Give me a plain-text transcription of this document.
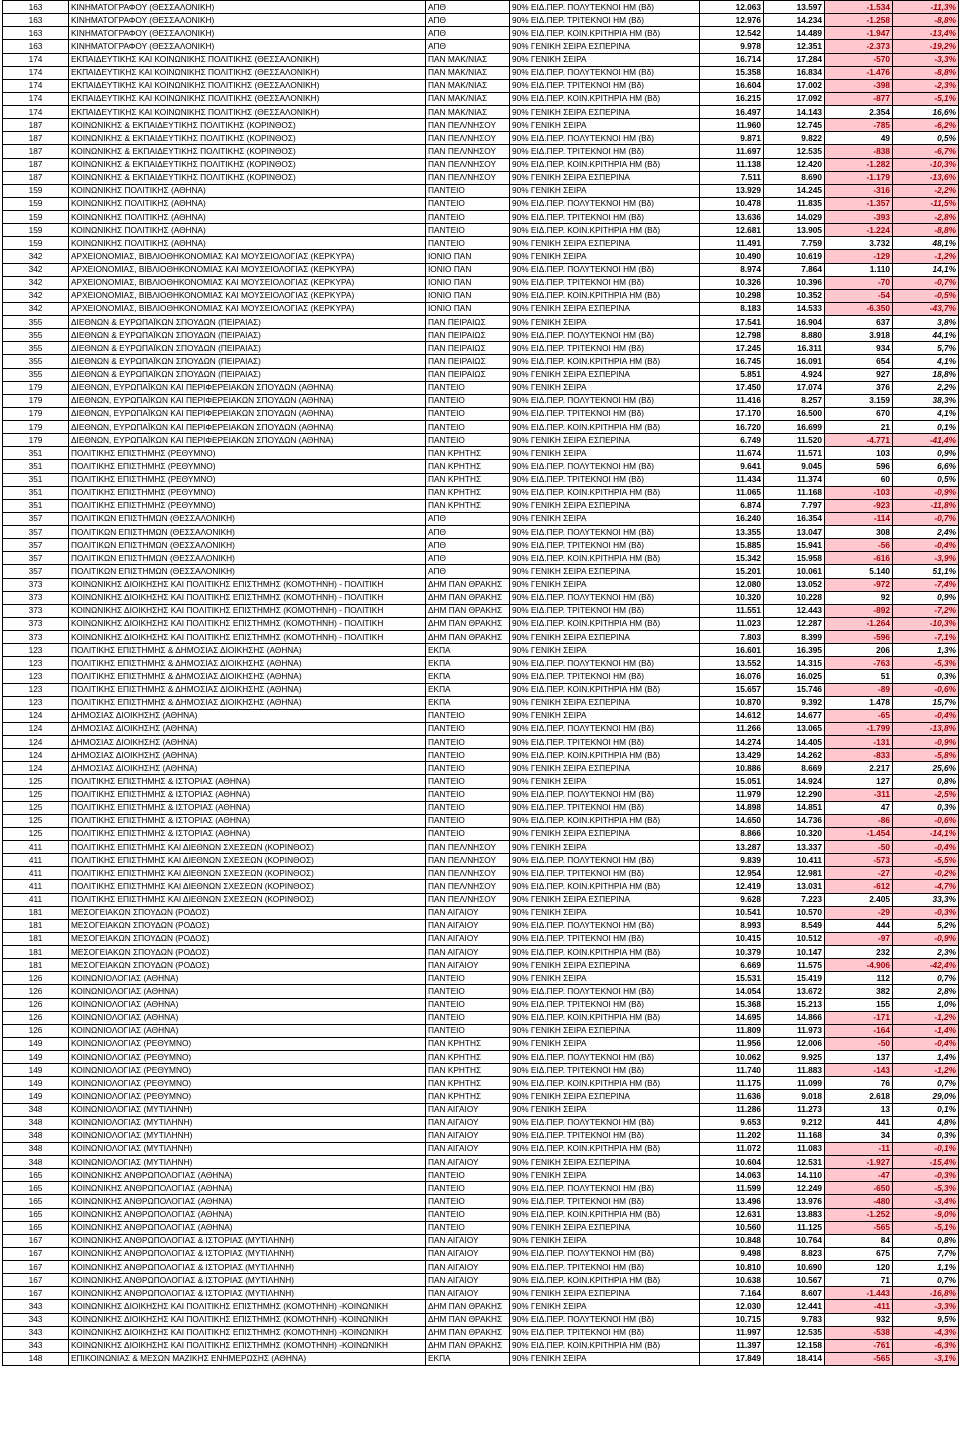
163	ΚΙΝΗΜΑΤΟΓΡΑΦΟΥ (ΘΕΣΣΑΛΟΝΙΚΗ)	ΑΠΘ	90% ΕΙΔ.ΠΕΡ. ΠΟΛΥΤΕΚΝΟΙ ΗΜ (Βδ)	12.063	13.597	-1.534	-11,3%
163	ΚΙΝΗΜΑΤΟΓΡΑΦΟΥ (ΘΕΣΣΑΛΟΝΙΚΗ)	ΑΠΘ	90% ΕΙΔ.ΠΕΡ. ΤΡΙΤΕΚΝΟΙ ΗΜ (Βδ)	12.976	14.234	-1.258	-8,8%
163	ΚΙΝΗΜΑΤΟΓΡΑΦΟΥ (ΘΕΣΣΑΛΟΝΙΚΗ)	ΑΠΘ	90% ΕΙΔ.ΠΕΡ. ΚΟΙΝ.ΚΡΙΤΗΡΙΑ ΗΜ (Βδ)	12.542	14.489	-1.947	-13,4%
163	ΚΙΝΗΜΑΤΟΓΡΑΦΟΥ (ΘΕΣΣΑΛΟΝΙΚΗ)	ΑΠΘ	90% ΓΕΝΙΚΗ ΣΕΙΡΑ ΕΣΠΕΡΙΝΑ	9.978	12.351	-2.373	-19,2%
174	ΕΚΠΑΙΔΕΥΤΙΚΗΣ ΚΑΙ ΚΟΙΝΩΝΙΚΗΣ ΠΟΛΙΤΙΚΗΣ (ΘΕΣΣΑΛΟΝΙΚΗ)	ΠΑΝ ΜΑΚ/ΝΙΑΣ	90% ΓΕΝΙΚΗ ΣΕΙΡΑ	16.714	17.284	-570	-3,3%
174	ΕΚΠΑΙΔΕΥΤΙΚΗΣ ΚΑΙ ΚΟΙΝΩΝΙΚΗΣ ΠΟΛΙΤΙΚΗΣ (ΘΕΣΣΑΛΟΝΙΚΗ)	ΠΑΝ ΜΑΚ/ΝΙΑΣ	90% ΕΙΔ.ΠΕΡ. ΠΟΛΥΤΕΚΝΟΙ ΗΜ (Βδ)	15.358	16.834	-1.476	-8,8%
174	ΕΚΠΑΙΔΕΥΤΙΚΗΣ ΚΑΙ ΚΟΙΝΩΝΙΚΗΣ ΠΟΛΙΤΙΚΗΣ (ΘΕΣΣΑΛΟΝΙΚΗ)	ΠΑΝ ΜΑΚ/ΝΙΑΣ	90% ΕΙΔ.ΠΕΡ. ΤΡΙΤΕΚΝΟΙ ΗΜ (Βδ)	16.604	17.002	-398	-2,3%
174	ΕΚΠΑΙΔΕΥΤΙΚΗΣ ΚΑΙ ΚΟΙΝΩΝΙΚΗΣ ΠΟΛΙΤΙΚΗΣ (ΘΕΣΣΑΛΟΝΙΚΗ)	ΠΑΝ ΜΑΚ/ΝΙΑΣ	90% ΕΙΔ.ΠΕΡ. ΚΟΙΝ.ΚΡΙΤΗΡΙΑ ΗΜ (Βδ)	16.215	17.092	-877	-5,1%
174	ΕΚΠΑΙΔΕΥΤΙΚΗΣ ΚΑΙ ΚΟΙΝΩΝΙΚΗΣ ΠΟΛΙΤΙΚΗΣ (ΘΕΣΣΑΛΟΝΙΚΗ)	ΠΑΝ ΜΑΚ/ΝΙΑΣ	90% ΓΕΝΙΚΗ ΣΕΙΡΑ ΕΣΠΕΡΙΝΑ	16.497	14.143	2.354	16,6%
187	ΚΟΙΝΩΝΙΚΗΣ & ΕΚΠΑΙΔΕΥΤΙΚΗΣ ΠΟΛΙΤΙΚΗΣ (ΚΟΡΙΝΘΟΣ)	ΠΑΝ ΠΕΛ/ΝΗΣΟΥ	90% ΓΕΝΙΚΗ ΣΕΙΡΑ	11.960	12.745	-785	-6,2%
187	ΚΟΙΝΩΝΙΚΗΣ & ΕΚΠΑΙΔΕΥΤΙΚΗΣ ΠΟΛΙΤΙΚΗΣ (ΚΟΡΙΝΘΟΣ)	ΠΑΝ ΠΕΛ/ΝΗΣΟΥ	90% ΕΙΔ.ΠΕΡ. ΠΟΛΥΤΕΚΝΟΙ ΗΜ (Βδ)	9.871	9.822	49	0,5%
187	ΚΟΙΝΩΝΙΚΗΣ & ΕΚΠΑΙΔΕΥΤΙΚΗΣ ΠΟΛΙΤΙΚΗΣ (ΚΟΡΙΝΘΟΣ)	ΠΑΝ ΠΕΛ/ΝΗΣΟΥ	90% ΕΙΔ.ΠΕΡ. ΤΡΙΤΕΚΝΟΙ ΗΜ (Βδ)	11.697	12.535	-838	-6,7%
187	ΚΟΙΝΩΝΙΚΗΣ & ΕΚΠΑΙΔΕΥΤΙΚΗΣ ΠΟΛΙΤΙΚΗΣ (ΚΟΡΙΝΘΟΣ)	ΠΑΝ ΠΕΛ/ΝΗΣΟΥ	90% ΕΙΔ.ΠΕΡ. ΚΟΙΝ.ΚΡΙΤΗΡΙΑ ΗΜ (Βδ)	11.138	12.420	-1.282	-10,3%
187	ΚΟΙΝΩΝΙΚΗΣ & ΕΚΠΑΙΔΕΥΤΙΚΗΣ ΠΟΛΙΤΙΚΗΣ (ΚΟΡΙΝΘΟΣ)	ΠΑΝ ΠΕΛ/ΝΗΣΟΥ	90% ΓΕΝΙΚΗ ΣΕΙΡΑ ΕΣΠΕΡΙΝΑ	7.511	8.690	-1.179	-13,6%
159	ΚΟΙΝΩΝΙΚΗΣ ΠΟΛΙΤΙΚΗΣ (ΑΘΗΝΑ)	ΠΑΝΤΕΙΟ	90% ΓΕΝΙΚΗ ΣΕΙΡΑ	13.929	14.245	-316	-2,2%
159	ΚΟΙΝΩΝΙΚΗΣ ΠΟΛΙΤΙΚΗΣ (ΑΘΗΝΑ)	ΠΑΝΤΕΙΟ	90% ΕΙΔ.ΠΕΡ. ΠΟΛΥΤΕΚΝΟΙ ΗΜ (Βδ)	10.478	11.835	-1.357	-11,5%
159	ΚΟΙΝΩΝΙΚΗΣ ΠΟΛΙΤΙΚΗΣ (ΑΘΗΝΑ)	ΠΑΝΤΕΙΟ	90% ΕΙΔ.ΠΕΡ. ΤΡΙΤΕΚΝΟΙ ΗΜ (Βδ)	13.636	14.029	-393	-2,8%
159	ΚΟΙΝΩΝΙΚΗΣ ΠΟΛΙΤΙΚΗΣ (ΑΘΗΝΑ)	ΠΑΝΤΕΙΟ	90% ΕΙΔ.ΠΕΡ. ΚΟΙΝ.ΚΡΙΤΗΡΙΑ ΗΜ (Βδ)	12.681	13.905	-1.224	-8,8%
159	ΚΟΙΝΩΝΙΚΗΣ ΠΟΛΙΤΙΚΗΣ (ΑΘΗΝΑ)	ΠΑΝΤΕΙΟ	90% ΓΕΝΙΚΗ ΣΕΙΡΑ ΕΣΠΕΡΙΝΑ	11.491	7.759	3.732	48,1%
342	ΑΡΧΕΙΟΝΟΜΙΑΣ, ΒΙΒΛΙΟΘΗΚΟΝΟΜΙΑΣ ΚΑΙ ΜΟΥΣΕΙΟΛΟΓΙΑΣ (ΚΕΡΚΥΡΑ)	ΙΟΝΙΟ ΠΑΝ	90% ΓΕΝΙΚΗ ΣΕΙΡΑ	10.490	10.619	-129	-1,2%
342	ΑΡΧΕΙΟΝΟΜΙΑΣ, ΒΙΒΛΙΟΘΗΚΟΝΟΜΙΑΣ ΚΑΙ ΜΟΥΣΕΙΟΛΟΓΙΑΣ (ΚΕΡΚΥΡΑ)	ΙΟΝΙΟ ΠΑΝ	90% ΕΙΔ.ΠΕΡ. ΠΟΛΥΤΕΚΝΟΙ ΗΜ (Βδ)	8.974	7.864	1.110	14,1%
342	ΑΡΧΕΙΟΝΟΜΙΑΣ, ΒΙΒΛΙΟΘΗΚΟΝΟΜΙΑΣ ΚΑΙ ΜΟΥΣΕΙΟΛΟΓΙΑΣ (ΚΕΡΚΥΡΑ)	ΙΟΝΙΟ ΠΑΝ	90% ΕΙΔ.ΠΕΡ. ΤΡΙΤΕΚΝΟΙ ΗΜ (Βδ)	10.326	10.396	-70	-0,7%
342	ΑΡΧΕΙΟΝΟΜΙΑΣ, ΒΙΒΛΙΟΘΗΚΟΝΟΜΙΑΣ ΚΑΙ ΜΟΥΣΕΙΟΛΟΓΙΑΣ (ΚΕΡΚΥΡΑ)	ΙΟΝΙΟ ΠΑΝ	90% ΕΙΔ.ΠΕΡ. ΚΟΙΝ.ΚΡΙΤΗΡΙΑ ΗΜ (Βδ)	10.298	10.352	-54	-0,5%
342	ΑΡΧΕΙΟΝΟΜΙΑΣ, ΒΙΒΛΙΟΘΗΚΟΝΟΜΙΑΣ ΚΑΙ ΜΟΥΣΕΙΟΛΟΓΙΑΣ (ΚΕΡΚΥΡΑ)	ΙΟΝΙΟ ΠΑΝ	90% ΓΕΝΙΚΗ ΣΕΙΡΑ ΕΣΠΕΡΙΝΑ	8.183	14.533	-6.350	-43,7%
355	ΔΙΕΘΝΩΝ & ΕΥΡΩΠΑΪΚΩΝ ΣΠΟΥΔΩΝ (ΠΕΙΡΑΙΑΣ)	ΠΑΝ ΠΕΙΡΑΙΩΣ	90% ΓΕΝΙΚΗ ΣΕΙΡΑ	17.541	16.904	637	3,8%
355	ΔΙΕΘΝΩΝ & ΕΥΡΩΠΑΪΚΩΝ ΣΠΟΥΔΩΝ (ΠΕΙΡΑΙΑΣ)	ΠΑΝ ΠΕΙΡΑΙΩΣ	90% ΕΙΔ.ΠΕΡ. ΠΟΛΥΤΕΚΝΟΙ ΗΜ (Βδ)	12.798	8.880	3.918	44,1%
355	ΔΙΕΘΝΩΝ & ΕΥΡΩΠΑΪΚΩΝ ΣΠΟΥΔΩΝ (ΠΕΙΡΑΙΑΣ)	ΠΑΝ ΠΕΙΡΑΙΩΣ	90% ΕΙΔ.ΠΕΡ. ΤΡΙΤΕΚΝΟΙ ΗΜ (Βδ)	17.245	16.311	934	5,7%
355	ΔΙΕΘΝΩΝ & ΕΥΡΩΠΑΪΚΩΝ ΣΠΟΥΔΩΝ (ΠΕΙΡΑΙΑΣ)	ΠΑΝ ΠΕΙΡΑΙΩΣ	90% ΕΙΔ.ΠΕΡ. ΚΟΙΝ.ΚΡΙΤΗΡΙΑ ΗΜ (Βδ)	16.745	16.091	654	4,1%
355	ΔΙΕΘΝΩΝ & ΕΥΡΩΠΑΪΚΩΝ ΣΠΟΥΔΩΝ (ΠΕΙΡΑΙΑΣ)	ΠΑΝ ΠΕΙΡΑΙΩΣ	90% ΓΕΝΙΚΗ ΣΕΙΡΑ ΕΣΠΕΡΙΝΑ	5.851	4.924	927	18,8%
179	ΔΙΕΘΝΩΝ, ΕΥΡΩΠΑΪΚΩΝ ΚΑΙ ΠΕΡΙΦΕΡΕΙΑΚΩΝ ΣΠΟΥΔΩΝ (ΑΘΗΝΑ)	ΠΑΝΤΕΙΟ	90% ΓΕΝΙΚΗ ΣΕΙΡΑ	17.450	17.074	376	2,2%
179	ΔΙΕΘΝΩΝ, ΕΥΡΩΠΑΪΚΩΝ ΚΑΙ ΠΕΡΙΦΕΡΕΙΑΚΩΝ ΣΠΟΥΔΩΝ (ΑΘΗΝΑ)	ΠΑΝΤΕΙΟ	90% ΕΙΔ.ΠΕΡ. ΠΟΛΥΤΕΚΝΟΙ ΗΜ (Βδ)	11.416	8.257	3.159	38,3%
179	ΔΙΕΘΝΩΝ, ΕΥΡΩΠΑΪΚΩΝ ΚΑΙ ΠΕΡΙΦΕΡΕΙΑΚΩΝ ΣΠΟΥΔΩΝ (ΑΘΗΝΑ)	ΠΑΝΤΕΙΟ	90% ΕΙΔ.ΠΕΡ. ΤΡΙΤΕΚΝΟΙ ΗΜ (Βδ)	17.170	16.500	670	4,1%
179	ΔΙΕΘΝΩΝ, ΕΥΡΩΠΑΪΚΩΝ ΚΑΙ ΠΕΡΙΦΕΡΕΙΑΚΩΝ ΣΠΟΥΔΩΝ (ΑΘΗΝΑ)	ΠΑΝΤΕΙΟ	90% ΕΙΔ.ΠΕΡ. ΚΟΙΝ.ΚΡΙΤΗΡΙΑ ΗΜ (Βδ)	16.720	16.699	21	0,1%
179	ΔΙΕΘΝΩΝ, ΕΥΡΩΠΑΪΚΩΝ ΚΑΙ ΠΕΡΙΦΕΡΕΙΑΚΩΝ ΣΠΟΥΔΩΝ (ΑΘΗΝΑ)	ΠΑΝΤΕΙΟ	90% ΓΕΝΙΚΗ ΣΕΙΡΑ ΕΣΠΕΡΙΝΑ	6.749	11.520	-4.771	-41,4%
351	ΠΟΛΙΤΙΚΗΣ ΕΠΙΣΤΗΜΗΣ (ΡΕΘΥΜΝΟ)	ΠΑΝ ΚΡΗΤΗΣ	90% ΓΕΝΙΚΗ ΣΕΙΡΑ	11.674	11.571	103	0,9%
351	ΠΟΛΙΤΙΚΗΣ ΕΠΙΣΤΗΜΗΣ (ΡΕΘΥΜΝΟ)	ΠΑΝ ΚΡΗΤΗΣ	90% ΕΙΔ.ΠΕΡ. ΠΟΛΥΤΕΚΝΟΙ ΗΜ (Βδ)	9.641	9.045	596	6,6%
351	ΠΟΛΙΤΙΚΗΣ ΕΠΙΣΤΗΜΗΣ (ΡΕΘΥΜΝΟ)	ΠΑΝ ΚΡΗΤΗΣ	90% ΕΙΔ.ΠΕΡ. ΤΡΙΤΕΚΝΟΙ ΗΜ (Βδ)	11.434	11.374	60	0,5%
351	ΠΟΛΙΤΙΚΗΣ ΕΠΙΣΤΗΜΗΣ (ΡΕΘΥΜΝΟ)	ΠΑΝ ΚΡΗΤΗΣ	90% ΕΙΔ.ΠΕΡ. ΚΟΙΝ.ΚΡΙΤΗΡΙΑ ΗΜ (Βδ)	11.065	11.168	-103	-0,9%
351	ΠΟΛΙΤΙΚΗΣ ΕΠΙΣΤΗΜΗΣ (ΡΕΘΥΜΝΟ)	ΠΑΝ ΚΡΗΤΗΣ	90% ΓΕΝΙΚΗ ΣΕΙΡΑ ΕΣΠΕΡΙΝΑ	6.874	7.797	-923	-11,8%
357	ΠΟΛΙΤΙΚΩΝ ΕΠΙΣΤΗΜΩΝ (ΘΕΣΣΑΛΟΝΙΚΗ)	ΑΠΘ	90% ΓΕΝΙΚΗ ΣΕΙΡΑ	16.240	16.354	-114	-0,7%
357	ΠΟΛΙΤΙΚΩΝ ΕΠΙΣΤΗΜΩΝ (ΘΕΣΣΑΛΟΝΙΚΗ)	ΑΠΘ	90% ΕΙΔ.ΠΕΡ. ΠΟΛΥΤΕΚΝΟΙ ΗΜ (Βδ)	13.355	13.047	308	2,4%
357	ΠΟΛΙΤΙΚΩΝ ΕΠΙΣΤΗΜΩΝ (ΘΕΣΣΑΛΟΝΙΚΗ)	ΑΠΘ	90% ΕΙΔ.ΠΕΡ. ΤΡΙΤΕΚΝΟΙ ΗΜ (Βδ)	15.885	15.941	-56	-0,4%
357	ΠΟΛΙΤΙΚΩΝ ΕΠΙΣΤΗΜΩΝ (ΘΕΣΣΑΛΟΝΙΚΗ)	ΑΠΘ	90% ΕΙΔ.ΠΕΡ. ΚΟΙΝ.ΚΡΙΤΗΡΙΑ ΗΜ (Βδ)	15.342	15.958	-616	-3,9%
357	ΠΟΛΙΤΙΚΩΝ ΕΠΙΣΤΗΜΩΝ (ΘΕΣΣΑΛΟΝΙΚΗ)	ΑΠΘ	90% ΓΕΝΙΚΗ ΣΕΙΡΑ ΕΣΠΕΡΙΝΑ	15.201	10.061	5.140	51,1%
373	ΚΟΙΝΩΝΙΚΗΣ ΔΙΟΙΚΗΣΗΣ ΚΑΙ ΠΟΛΙΤΙΚΗΣ ΕΠΙΣΤΗΜΗΣ (ΚΟΜΟΤΗΝΗ) - ΠΟΛΙΤΙΚΗ	ΔΗΜ ΠΑΝ ΘΡΑΚΗΣ	90% ΓΕΝΙΚΗ ΣΕΙΡΑ	12.080	13.052	-972	-7,4%
373	ΚΟΙΝΩΝΙΚΗΣ ΔΙΟΙΚΗΣΗΣ ΚΑΙ ΠΟΛΙΤΙΚΗΣ ΕΠΙΣΤΗΜΗΣ (ΚΟΜΟΤΗΝΗ) - ΠΟΛΙΤΙΚΗ	ΔΗΜ ΠΑΝ ΘΡΑΚΗΣ	90% ΕΙΔ.ΠΕΡ. ΠΟΛΥΤΕΚΝΟΙ ΗΜ (Βδ)	10.320	10.228	92	0,9%
373	ΚΟΙΝΩΝΙΚΗΣ ΔΙΟΙΚΗΣΗΣ ΚΑΙ ΠΟΛΙΤΙΚΗΣ ΕΠΙΣΤΗΜΗΣ (ΚΟΜΟΤΗΝΗ) - ΠΟΛΙΤΙΚΗ	ΔΗΜ ΠΑΝ ΘΡΑΚΗΣ	90% ΕΙΔ.ΠΕΡ. ΤΡΙΤΕΚΝΟΙ ΗΜ (Βδ)	11.551	12.443	-892	-7,2%
373	ΚΟΙΝΩΝΙΚΗΣ ΔΙΟΙΚΗΣΗΣ ΚΑΙ ΠΟΛΙΤΙΚΗΣ ΕΠΙΣΤΗΜΗΣ (ΚΟΜΟΤΗΝΗ) - ΠΟΛΙΤΙΚΗ	ΔΗΜ ΠΑΝ ΘΡΑΚΗΣ	90% ΕΙΔ.ΠΕΡ. ΚΟΙΝ.ΚΡΙΤΗΡΙΑ ΗΜ (Βδ)	11.023	12.287	-1.264	-10,3%
373	ΚΟΙΝΩΝΙΚΗΣ ΔΙΟΙΚΗΣΗΣ ΚΑΙ ΠΟΛΙΤΙΚΗΣ ΕΠΙΣΤΗΜΗΣ (ΚΟΜΟΤΗΝΗ) - ΠΟΛΙΤΙΚΗ	ΔΗΜ ΠΑΝ ΘΡΑΚΗΣ	90% ΓΕΝΙΚΗ ΣΕΙΡΑ ΕΣΠΕΡΙΝΑ	7.803	8.399	-596	-7,1%
123	ΠΟΛΙΤΙΚΗΣ ΕΠΙΣΤΗΜΗΣ & ΔΗΜΟΣΙΑΣ ΔΙΟΙΚΗΣΗΣ (ΑΘΗΝΑ)	ΕΚΠΑ	90% ΓΕΝΙΚΗ ΣΕΙΡΑ	16.601	16.395	206	1,3%
123	ΠΟΛΙΤΙΚΗΣ ΕΠΙΣΤΗΜΗΣ & ΔΗΜΟΣΙΑΣ ΔΙΟΙΚΗΣΗΣ (ΑΘΗΝΑ)	ΕΚΠΑ	90% ΕΙΔ.ΠΕΡ. ΠΟΛΥΤΕΚΝΟΙ ΗΜ (Βδ)	13.552	14.315	-763	-5,3%
123	ΠΟΛΙΤΙΚΗΣ ΕΠΙΣΤΗΜΗΣ & ΔΗΜΟΣΙΑΣ ΔΙΟΙΚΗΣΗΣ (ΑΘΗΝΑ)	ΕΚΠΑ	90% ΕΙΔ.ΠΕΡ. ΤΡΙΤΕΚΝΟΙ ΗΜ (Βδ)	16.076	16.025	51	0,3%
123	ΠΟΛΙΤΙΚΗΣ ΕΠΙΣΤΗΜΗΣ & ΔΗΜΟΣΙΑΣ ΔΙΟΙΚΗΣΗΣ (ΑΘΗΝΑ)	ΕΚΠΑ	90% ΕΙΔ.ΠΕΡ. ΚΟΙΝ.ΚΡΙΤΗΡΙΑ ΗΜ (Βδ)	15.657	15.746	-89	-0,6%
123	ΠΟΛΙΤΙΚΗΣ ΕΠΙΣΤΗΜΗΣ & ΔΗΜΟΣΙΑΣ ΔΙΟΙΚΗΣΗΣ (ΑΘΗΝΑ)	ΕΚΠΑ	90% ΓΕΝΙΚΗ ΣΕΙΡΑ ΕΣΠΕΡΙΝΑ	10.870	9.392	1.478	15,7%
124	ΔΗΜΟΣΙΑΣ ΔΙΟΙΚΗΣΗΣ (ΑΘΗΝΑ)	ΠΑΝΤΕΙΟ	90% ΓΕΝΙΚΗ ΣΕΙΡΑ	14.612	14.677	-65	-0,4%
124	ΔΗΜΟΣΙΑΣ ΔΙΟΙΚΗΣΗΣ (ΑΘΗΝΑ)	ΠΑΝΤΕΙΟ	90% ΕΙΔ.ΠΕΡ. ΠΟΛΥΤΕΚΝΟΙ ΗΜ (Βδ)	11.266	13.065	-1.799	-13,8%
124	ΔΗΜΟΣΙΑΣ ΔΙΟΙΚΗΣΗΣ (ΑΘΗΝΑ)	ΠΑΝΤΕΙΟ	90% ΕΙΔ.ΠΕΡ. ΤΡΙΤΕΚΝΟΙ ΗΜ (Βδ)	14.274	14.405	-131	-0,9%
124	ΔΗΜΟΣΙΑΣ ΔΙΟΙΚΗΣΗΣ (ΑΘΗΝΑ)	ΠΑΝΤΕΙΟ	90% ΕΙΔ.ΠΕΡ. ΚΟΙΝ.ΚΡΙΤΗΡΙΑ ΗΜ (Βδ)	13.429	14.262	-833	-5,8%
124	ΔΗΜΟΣΙΑΣ ΔΙΟΙΚΗΣΗΣ (ΑΘΗΝΑ)	ΠΑΝΤΕΙΟ	90% ΓΕΝΙΚΗ ΣΕΙΡΑ ΕΣΠΕΡΙΝΑ	10.886	8.669	2.217	25,6%
125	ΠΟΛΙΤΙΚΗΣ ΕΠΙΣΤΗΜΗΣ & ΙΣΤΟΡΙΑΣ (ΑΘΗΝΑ)	ΠΑΝΤΕΙΟ	90% ΓΕΝΙΚΗ ΣΕΙΡΑ	15.051	14.924	127	0,8%
125	ΠΟΛΙΤΙΚΗΣ ΕΠΙΣΤΗΜΗΣ & ΙΣΤΟΡΙΑΣ (ΑΘΗΝΑ)	ΠΑΝΤΕΙΟ	90% ΕΙΔ.ΠΕΡ. ΠΟΛΥΤΕΚΝΟΙ ΗΜ (Βδ)	11.979	12.290	-311	-2,5%
125	ΠΟΛΙΤΙΚΗΣ ΕΠΙΣΤΗΜΗΣ & ΙΣΤΟΡΙΑΣ (ΑΘΗΝΑ)	ΠΑΝΤΕΙΟ	90% ΕΙΔ.ΠΕΡ. ΤΡΙΤΕΚΝΟΙ ΗΜ (Βδ)	14.898	14.851	47	0,3%
125	ΠΟΛΙΤΙΚΗΣ ΕΠΙΣΤΗΜΗΣ & ΙΣΤΟΡΙΑΣ (ΑΘΗΝΑ)	ΠΑΝΤΕΙΟ	90% ΕΙΔ.ΠΕΡ. ΚΟΙΝ.ΚΡΙΤΗΡΙΑ ΗΜ (Βδ)	14.650	14.736	-86	-0,6%
125	ΠΟΛΙΤΙΚΗΣ ΕΠΙΣΤΗΜΗΣ & ΙΣΤΟΡΙΑΣ (ΑΘΗΝΑ)	ΠΑΝΤΕΙΟ	90% ΓΕΝΙΚΗ ΣΕΙΡΑ ΕΣΠΕΡΙΝΑ	8.866	10.320	-1.454	-14,1%
411	ΠΟΛΙΤΙΚΗΣ ΕΠΙΣΤΗΜΗΣ ΚΑΙ ΔΙΕΘΝΩΝ ΣΧΕΣΕΩΝ (ΚΟΡΙΝΘΟΣ)	ΠΑΝ ΠΕΛ/ΝΗΣΟΥ	90% ΓΕΝΙΚΗ ΣΕΙΡΑ	13.287	13.337	-50	-0,4%
411	ΠΟΛΙΤΙΚΗΣ ΕΠΙΣΤΗΜΗΣ ΚΑΙ ΔΙΕΘΝΩΝ ΣΧΕΣΕΩΝ (ΚΟΡΙΝΘΟΣ)	ΠΑΝ ΠΕΛ/ΝΗΣΟΥ	90% ΕΙΔ.ΠΕΡ. ΠΟΛΥΤΕΚΝΟΙ ΗΜ (Βδ)	9.839	10.411	-573	-5,5%
411	ΠΟΛΙΤΙΚΗΣ ΕΠΙΣΤΗΜΗΣ ΚΑΙ ΔΙΕΘΝΩΝ ΣΧΕΣΕΩΝ (ΚΟΡΙΝΘΟΣ)	ΠΑΝ ΠΕΛ/ΝΗΣΟΥ	90% ΕΙΔ.ΠΕΡ. ΤΡΙΤΕΚΝΟΙ ΗΜ (Βδ)	12.954	12.981	-27	-0,2%
411	ΠΟΛΙΤΙΚΗΣ ΕΠΙΣΤΗΜΗΣ ΚΑΙ ΔΙΕΘΝΩΝ ΣΧΕΣΕΩΝ (ΚΟΡΙΝΘΟΣ)	ΠΑΝ ΠΕΛ/ΝΗΣΟΥ	90% ΕΙΔ.ΠΕΡ. ΚΟΙΝ.ΚΡΙΤΗΡΙΑ ΗΜ (Βδ)	12.419	13.031	-612	-4,7%
411	ΠΟΛΙΤΙΚΗΣ ΕΠΙΣΤΗΜΗΣ ΚΑΙ ΔΙΕΘΝΩΝ ΣΧΕΣΕΩΝ (ΚΟΡΙΝΘΟΣ)	ΠΑΝ ΠΕΛ/ΝΗΣΟΥ	90% ΓΕΝΙΚΗ ΣΕΙΡΑ ΕΣΠΕΡΙΝΑ	9.628	7.223	2.405	33,3%
181	ΜΕΣΟΓΕΙΑΚΩΝ ΣΠΟΥΔΩΝ (ΡΟΔΟΣ)	ΠΑΝ ΑΙΓΑΙΟΥ	90% ΓΕΝΙΚΗ ΣΕΙΡΑ	10.541	10.570	-29	-0,3%
181	ΜΕΣΟΓΕΙΑΚΩΝ ΣΠΟΥΔΩΝ (ΡΟΔΟΣ)	ΠΑΝ ΑΙΓΑΙΟΥ	90% ΕΙΔ.ΠΕΡ. ΠΟΛΥΤΕΚΝΟΙ ΗΜ (Βδ)	8.993	8.549	444	5,2%
181	ΜΕΣΟΓΕΙΑΚΩΝ ΣΠΟΥΔΩΝ (ΡΟΔΟΣ)	ΠΑΝ ΑΙΓΑΙΟΥ	90% ΕΙΔ.ΠΕΡ. ΤΡΙΤΕΚΝΟΙ ΗΜ (Βδ)	10.415	10.512	-97	-0,9%
181	ΜΕΣΟΓΕΙΑΚΩΝ ΣΠΟΥΔΩΝ (ΡΟΔΟΣ)	ΠΑΝ ΑΙΓΑΙΟΥ	90% ΕΙΔ.ΠΕΡ. ΚΟΙΝ.ΚΡΙΤΗΡΙΑ ΗΜ (Βδ)	10.379	10.147	232	2,3%
181	ΜΕΣΟΓΕΙΑΚΩΝ ΣΠΟΥΔΩΝ (ΡΟΔΟΣ)	ΠΑΝ ΑΙΓΑΙΟΥ	90% ΓΕΝΙΚΗ ΣΕΙΡΑ ΕΣΠΕΡΙΝΑ	6.669	11.575	-4.906	-42,4%
126	ΚΟΙΝΩΝΙΟΛΟΓΙΑΣ (ΑΘΗΝΑ)	ΠΑΝΤΕΙΟ	90% ΓΕΝΙΚΗ ΣΕΙΡΑ	15.531	15.419	112	0,7%
126	ΚΟΙΝΩΝΙΟΛΟΓΙΑΣ (ΑΘΗΝΑ)	ΠΑΝΤΕΙΟ	90% ΕΙΔ.ΠΕΡ. ΠΟΛΥΤΕΚΝΟΙ ΗΜ (Βδ)	14.054	13.672	382	2,8%
126	ΚΟΙΝΩΝΙΟΛΟΓΙΑΣ (ΑΘΗΝΑ)	ΠΑΝΤΕΙΟ	90% ΕΙΔ.ΠΕΡ. ΤΡΙΤΕΚΝΟΙ ΗΜ (Βδ)	15.368	15.213	155	1,0%
126	ΚΟΙΝΩΝΙΟΛΟΓΙΑΣ (ΑΘΗΝΑ)	ΠΑΝΤΕΙΟ	90% ΕΙΔ.ΠΕΡ. ΚΟΙΝ.ΚΡΙΤΗΡΙΑ ΗΜ (Βδ)	14.695	14.866	-171	-1,2%
126	ΚΟΙΝΩΝΙΟΛΟΓΙΑΣ (ΑΘΗΝΑ)	ΠΑΝΤΕΙΟ	90% ΓΕΝΙΚΗ ΣΕΙΡΑ ΕΣΠΕΡΙΝΑ	11.809	11.973	-164	-1,4%
149	ΚΟΙΝΩΝΙΟΛΟΓΙΑΣ (ΡΕΘΥΜΝΟ)	ΠΑΝ ΚΡΗΤΗΣ	90% ΓΕΝΙΚΗ ΣΕΙΡΑ	11.956	12.006	-50	-0,4%
149	ΚΟΙΝΩΝΙΟΛΟΓΙΑΣ (ΡΕΘΥΜΝΟ)	ΠΑΝ ΚΡΗΤΗΣ	90% ΕΙΔ.ΠΕΡ. ΠΟΛΥΤΕΚΝΟΙ ΗΜ (Βδ)	10.062	9.925	137	1,4%
149	ΚΟΙΝΩΝΙΟΛΟΓΙΑΣ (ΡΕΘΥΜΝΟ)	ΠΑΝ ΚΡΗΤΗΣ	90% ΕΙΔ.ΠΕΡ. ΤΡΙΤΕΚΝΟΙ ΗΜ (Βδ)	11.740	11.883	-143	-1,2%
149	ΚΟΙΝΩΝΙΟΛΟΓΙΑΣ (ΡΕΘΥΜΝΟ)	ΠΑΝ ΚΡΗΤΗΣ	90% ΕΙΔ.ΠΕΡ. ΚΟΙΝ.ΚΡΙΤΗΡΙΑ ΗΜ (Βδ)	11.175	11.099	76	0,7%
149	ΚΟΙΝΩΝΙΟΛΟΓΙΑΣ (ΡΕΘΥΜΝΟ)	ΠΑΝ ΚΡΗΤΗΣ	90% ΓΕΝΙΚΗ ΣΕΙΡΑ ΕΣΠΕΡΙΝΑ	11.636	9.018	2.618	29,0%
348	ΚΟΙΝΩΝΙΟΛΟΓΙΑΣ (ΜΥΤΙΛΗΝΗ)	ΠΑΝ ΑΙΓΑΙΟΥ	90% ΓΕΝΙΚΗ ΣΕΙΡΑ	11.286	11.273	13	0,1%
348	ΚΟΙΝΩΝΙΟΛΟΓΙΑΣ (ΜΥΤΙΛΗΝΗ)	ΠΑΝ ΑΙΓΑΙΟΥ	90% ΕΙΔ.ΠΕΡ. ΠΟΛΥΤΕΚΝΟΙ ΗΜ (Βδ)	9.653	9.212	441	4,8%
348	ΚΟΙΝΩΝΙΟΛΟΓΙΑΣ (ΜΥΤΙΛΗΝΗ)	ΠΑΝ ΑΙΓΑΙΟΥ	90% ΕΙΔ.ΠΕΡ. ΤΡΙΤΕΚΝΟΙ ΗΜ (Βδ)	11.202	11.168	34	0,3%
348	ΚΟΙΝΩΝΙΟΛΟΓΙΑΣ (ΜΥΤΙΛΗΝΗ)	ΠΑΝ ΑΙΓΑΙΟΥ	90% ΕΙΔ.ΠΕΡ. ΚΟΙΝ.ΚΡΙΤΗΡΙΑ ΗΜ (Βδ)	11.072	11.083	-11	-0,1%
348	ΚΟΙΝΩΝΙΟΛΟΓΙΑΣ (ΜΥΤΙΛΗΝΗ)	ΠΑΝ ΑΙΓΑΙΟΥ	90% ΓΕΝΙΚΗ ΣΕΙΡΑ ΕΣΠΕΡΙΝΑ	10.604	12.531	-1.927	-15,4%
165	ΚΟΙΝΩΝΙΚΗΣ ΑΝΘΡΩΠΟΛΟΓΙΑΣ (ΑΘΗΝΑ)	ΠΑΝΤΕΙΟ	90% ΓΕΝΙΚΗ ΣΕΙΡΑ	14.063	14.110	-47	-0,3%
165	ΚΟΙΝΩΝΙΚΗΣ ΑΝΘΡΩΠΟΛΟΓΙΑΣ (ΑΘΗΝΑ)	ΠΑΝΤΕΙΟ	90% ΕΙΔ.ΠΕΡ. ΠΟΛΥΤΕΚΝΟΙ ΗΜ (Βδ)	11.599	12.249	-650	-5,3%
165	ΚΟΙΝΩΝΙΚΗΣ ΑΝΘΡΩΠΟΛΟΓΙΑΣ (ΑΘΗΝΑ)	ΠΑΝΤΕΙΟ	90% ΕΙΔ.ΠΕΡ. ΤΡΙΤΕΚΝΟΙ ΗΜ (Βδ)	13.496	13.976	-480	-3,4%
165	ΚΟΙΝΩΝΙΚΗΣ ΑΝΘΡΩΠΟΛΟΓΙΑΣ (ΑΘΗΝΑ)	ΠΑΝΤΕΙΟ	90% ΕΙΔ.ΠΕΡ. ΚΟΙΝ.ΚΡΙΤΗΡΙΑ ΗΜ (Βδ)	12.631	13.883	-1.252	-9,0%
165	ΚΟΙΝΩΝΙΚΗΣ ΑΝΘΡΩΠΟΛΟΓΙΑΣ (ΑΘΗΝΑ)	ΠΑΝΤΕΙΟ	90% ΓΕΝΙΚΗ ΣΕΙΡΑ ΕΣΠΕΡΙΝΑ	10.560	11.125	-565	-5,1%
167	ΚΟΙΝΩΝΙΚΗΣ ΑΝΘΡΩΠΟΛΟΓΙΑΣ & ΙΣΤΟΡΙΑΣ (ΜΥΤΙΛΗΝΗ)	ΠΑΝ ΑΙΓΑΙΟΥ	90% ΓΕΝΙΚΗ ΣΕΙΡΑ	10.848	10.764	84	0,8%
167	ΚΟΙΝΩΝΙΚΗΣ ΑΝΘΡΩΠΟΛΟΓΙΑΣ & ΙΣΤΟΡΙΑΣ (ΜΥΤΙΛΗΝΗ)	ΠΑΝ ΑΙΓΑΙΟΥ	90% ΕΙΔ.ΠΕΡ. ΠΟΛΥΤΕΚΝΟΙ ΗΜ (Βδ)	9.498	8.823	675	7,7%
167	ΚΟΙΝΩΝΙΚΗΣ ΑΝΘΡΩΠΟΛΟΓΙΑΣ & ΙΣΤΟΡΙΑΣ (ΜΥΤΙΛΗΝΗ)	ΠΑΝ ΑΙΓΑΙΟΥ	90% ΕΙΔ.ΠΕΡ. ΤΡΙΤΕΚΝΟΙ ΗΜ (Βδ)	10.810	10.690	120	1,1%
167	ΚΟΙΝΩΝΙΚΗΣ ΑΝΘΡΩΠΟΛΟΓΙΑΣ & ΙΣΤΟΡΙΑΣ (ΜΥΤΙΛΗΝΗ)	ΠΑΝ ΑΙΓΑΙΟΥ	90% ΕΙΔ.ΠΕΡ. ΚΟΙΝ.ΚΡΙΤΗΡΙΑ ΗΜ (Βδ)	10.638	10.567	71	0,7%
167	ΚΟΙΝΩΝΙΚΗΣ ΑΝΘΡΩΠΟΛΟΓΙΑΣ & ΙΣΤΟΡΙΑΣ (ΜΥΤΙΛΗΝΗ)	ΠΑΝ ΑΙΓΑΙΟΥ	90% ΓΕΝΙΚΗ ΣΕΙΡΑ ΕΣΠΕΡΙΝΑ	7.164	8.607	-1.443	-16,8%
343	ΚΟΙΝΩΝΙΚΗΣ ΔΙΟΙΚΗΣΗΣ ΚΑΙ ΠΟΛΙΤΙΚΗΣ ΕΠΙΣΤΗΜΗΣ (ΚΟΜΟΤΗΝΗ) -ΚΟΙΝΩΝΙΚΗ	ΔΗΜ ΠΑΝ ΘΡΑΚΗΣ	90% ΓΕΝΙΚΗ ΣΕΙΡΑ	12.030	12.441	-411	-3,3%
343	ΚΟΙΝΩΝΙΚΗΣ ΔΙΟΙΚΗΣΗΣ ΚΑΙ ΠΟΛΙΤΙΚΗΣ ΕΠΙΣΤΗΜΗΣ (ΚΟΜΟΤΗΝΗ) -ΚΟΙΝΩΝΙΚΗ	ΔΗΜ ΠΑΝ ΘΡΑΚΗΣ	90% ΕΙΔ.ΠΕΡ. ΠΟΛΥΤΕΚΝΟΙ ΗΜ (Βδ)	10.715	9.783	932	9,5%
343	ΚΟΙΝΩΝΙΚΗΣ ΔΙΟΙΚΗΣΗΣ ΚΑΙ ΠΟΛΙΤΙΚΗΣ ΕΠΙΣΤΗΜΗΣ (ΚΟΜΟΤΗΝΗ) -ΚΟΙΝΩΝΙΚΗ	ΔΗΜ ΠΑΝ ΘΡΑΚΗΣ	90% ΕΙΔ.ΠΕΡ. ΤΡΙΤΕΚΝΟΙ ΗΜ (Βδ)	11.997	12.535	-538	-4,3%
343	ΚΟΙΝΩΝΙΚΗΣ ΔΙΟΙΚΗΣΗΣ ΚΑΙ ΠΟΛΙΤΙΚΗΣ ΕΠΙΣΤΗΜΗΣ (ΚΟΜΟΤΗΝΗ) -ΚΟΙΝΩΝΙΚΗ	ΔΗΜ ΠΑΝ ΘΡΑΚΗΣ	90% ΕΙΔ.ΠΕΡ. ΚΟΙΝ.ΚΡΙΤΗΡΙΑ ΗΜ (Βδ)	11.397	12.158	-761	-6,3%
148	ΕΠΙΚΟΙΝΩΝΙΑΣ & ΜΕΣΩΝ ΜΑΖΙΚΗΣ ΕΝΗΜΕΡΩΣΗΣ (ΑΘΗΝΑ)	ΕΚΠΑ	90% ΓΕΝΙΚΗ ΣΕΙΡΑ	17.849	18.414	-565	-3,1%
